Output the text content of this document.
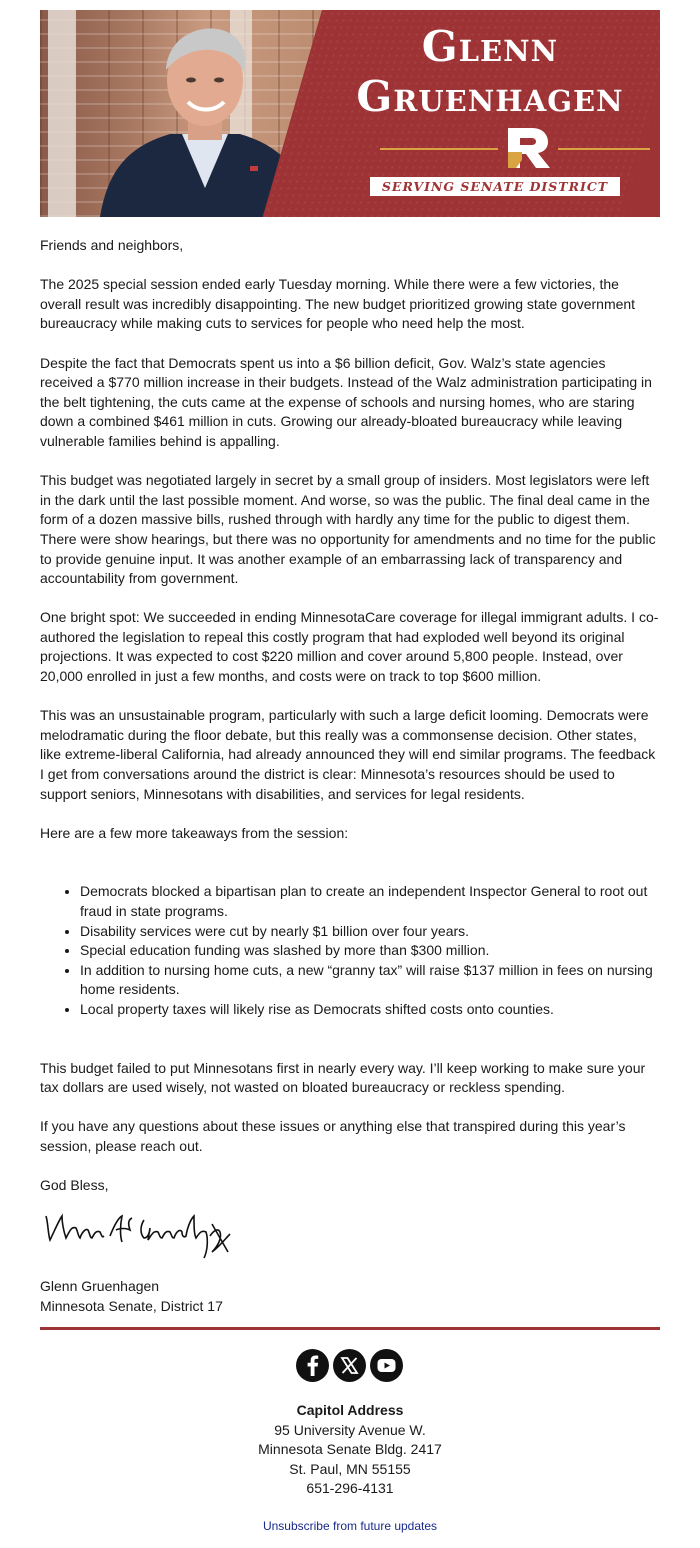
Glenn
Gruenhagen
SERVING SENATE DISTRICT 17

Friends and neighbors,

The 2025 special session ended early Tuesday morning. While there were a few victories, the overall result was incredibly disappointing. The new budget prioritized growing state government bureaucracy while making cuts to services for people who need help the most.

Despite the fact that Democrats spent us into a $6 billion deficit, Gov. Walz’s state agencies received a $770 million increase in their budgets. Instead of the Walz administration participating in the belt tightening, the cuts came at the expense of schools and nursing homes, who are staring down a combined $461 million in cuts. Growing our already-bloated bureaucracy while leaving vulnerable families behind is appalling.

This budget was negotiated largely in secret by a small group of insiders. Most legislators were left in the dark until the last possible moment. And worse, so was the public. The final deal came in the form of a dozen massive bills, rushed through with hardly any time for the public to digest them. There were show hearings, but there was no opportunity for amendments and no time for the public to provide genuine input. It was another example of an embarrassing lack of transparency and accountability from government.

One bright spot: We succeeded in ending MinnesotaCare coverage for illegal immigrant adults. I co-authored the legislation to repeal this costly program that had exploded well beyond its original projections. It was expected to cost $220 million and cover around 5,800 people. Instead, over 20,000 enrolled in just a few months, and costs were on track to top $600 million.

This was an unsustainable program, particularly with such a large deficit looming. Democrats were melodramatic during the floor debate, but this really was a commonsense decision. Other states, like extreme-liberal California, had already announced they will end similar programs. The feedback I get from conversations around the district is clear: Minnesota’s resources should be used to support seniors, Minnesotans with disabilities, and services for legal residents.

Here are a few more takeaways from the session:

• Democrats blocked a bipartisan plan to create an independent Inspector General to root out fraud in state programs.
• Disability services were cut by nearly $1 billion over four years.
• Special education funding was slashed by more than $300 million.
• In addition to nursing home cuts, a new “granny tax” will raise $137 million in fees on nursing home residents.
• Local property taxes will likely rise as Democrats shifted costs onto counties.

This budget failed to put Minnesotans first in nearly every way. I’ll keep working to make sure your tax dollars are used wisely, not wasted on bloated bureaucracy or reckless spending.

If you have any questions about these issues or anything else that transpired during this year’s session, please reach out.

God Bless,

Glenn Gruenhagen
Minnesota Senate, District 17
Capitol Address
95 University Avenue W.
Minnesota Senate Bldg. 2417
St. Paul, MN 55155
651-296-4131
Unsubscribe from future updates
